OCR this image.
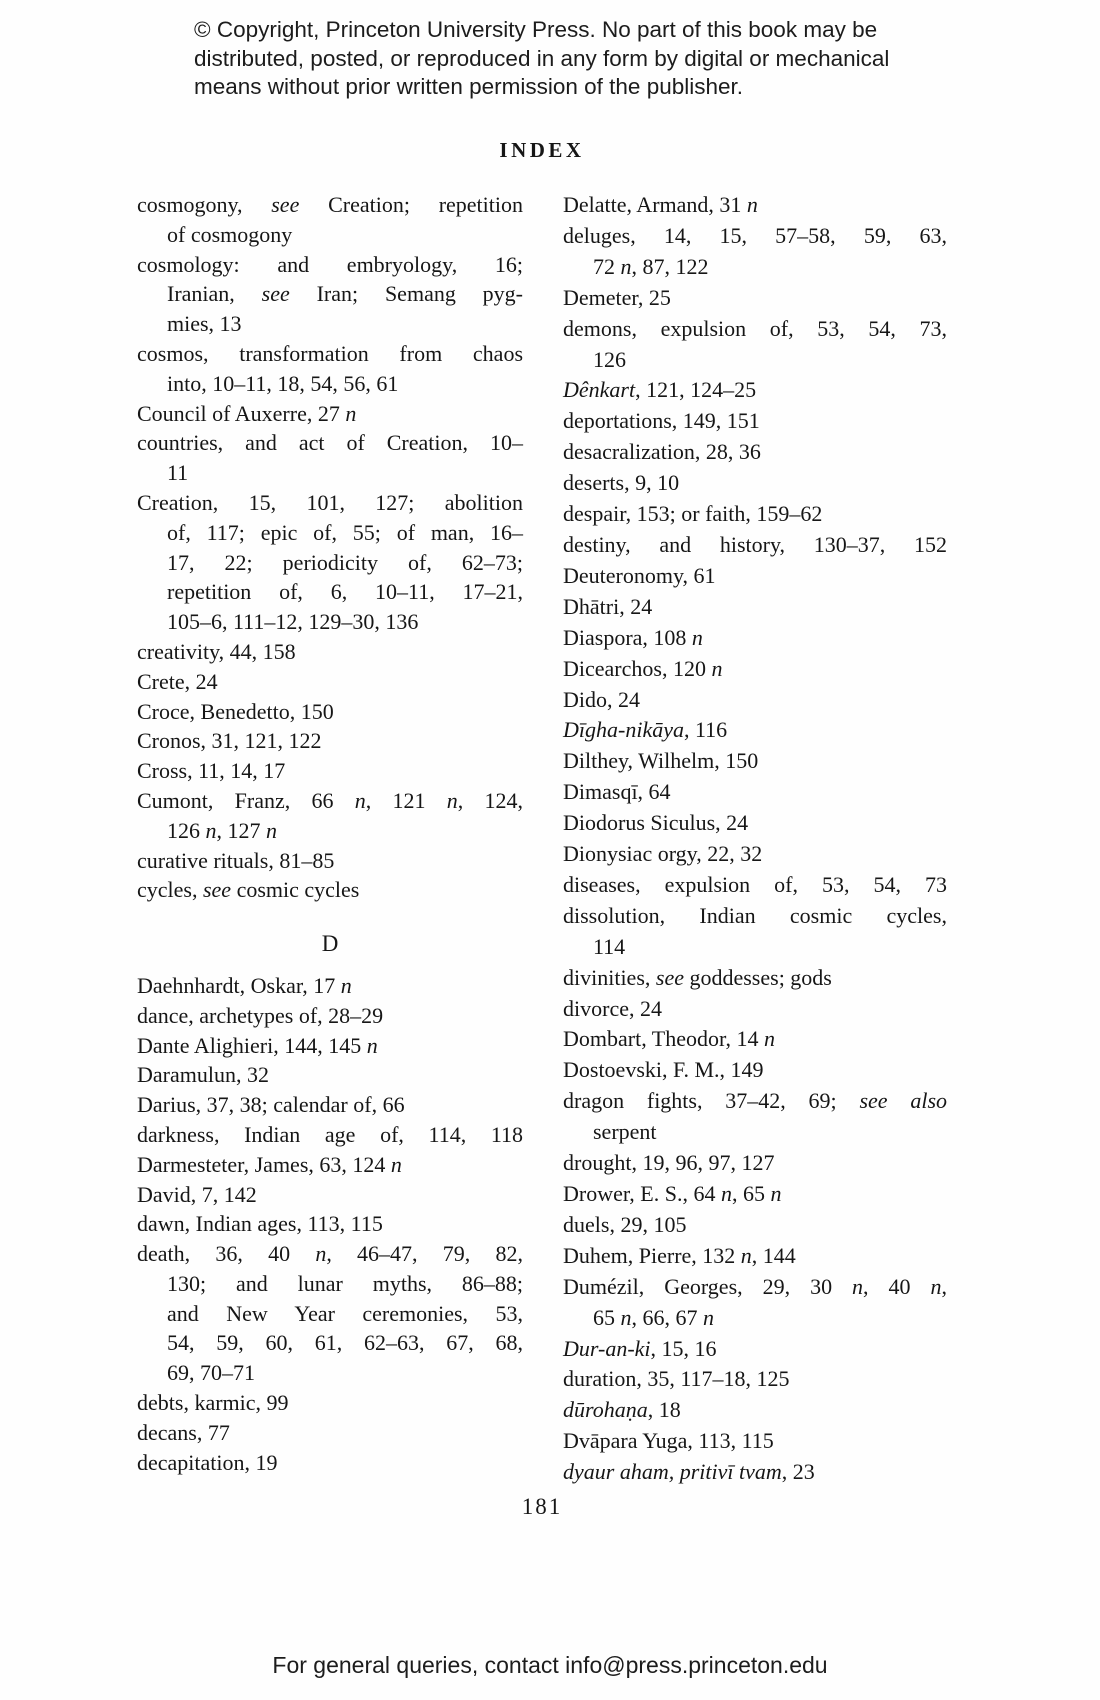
© Copyright, Princeton University Press. No part of this book may be
distributed, posted, or reproduced in any form by digital or mechanical
means without prior written permission of the publisher.
INDEX
cosmogony, see Creation; repetition
of cosmogony
cosmology: and embryology, 16;
Iranian, see Iran; Semang pyg-
mies, 13
cosmos, transformation from chaos
into, 10–11, 18, 54, 56, 61
Council of Auxerre, 27 n
countries, and act of Creation, 10–
11
Creation, 15, 101, 127; abolition
of, 117; epic of, 55; of man, 16–
17, 22; periodicity of, 62–73;
repetition of, 6, 10–11, 17–21,
105–6, 111–12, 129–30, 136
creativity, 44, 158
Crete, 24
Croce, Benedetto, 150
Cronos, 31, 121, 122
Cross, 11, 14, 17
Cumont, Franz, 66 n, 121 n, 124,
126 n, 127 n
curative rituals, 81–85
cycles, see cosmic cycles
D
Daehnhardt, Oskar, 17 n
dance, archetypes of, 28–29
Dante Alighieri, 144, 145 n
Daramulun, 32
Darius, 37, 38; calendar of, 66
darkness, Indian age of, 114, 118
Darmesteter, James, 63, 124 n
David, 7, 142
dawn, Indian ages, 113, 115
death, 36, 40 n, 46–47, 79, 82,
130; and lunar myths, 86–88;
and New Year ceremonies, 53,
54, 59, 60, 61, 62–63, 67, 68,
69, 70–71
debts, karmic, 99
decans, 77
decapitation, 19
Delatte, Armand, 31 n
deluges, 14, 15, 57–58, 59, 63,
72 n, 87, 122
Demeter, 25
demons, expulsion of, 53, 54, 73,
126
Dênkart, 121, 124–25
deportations, 149, 151
desacralization, 28, 36
deserts, 9, 10
despair, 153; or faith, 159–62
destiny, and history, 130–37, 152
Deuteronomy, 61
Dhātri, 24
Diaspora, 108 n
Dicearchos, 120 n
Dido, 24
Dīgha-nikāya, 116
Dilthey, Wilhelm, 150
Dimasqī, 64
Diodorus Siculus, 24
Dionysiac orgy, 22, 32
diseases, expulsion of, 53, 54, 73
dissolution, Indian cosmic cycles,
114
divinities, see goddesses; gods
divorce, 24
Dombart, Theodor, 14 n
Dostoevski, F. M., 149
dragon fights, 37–42, 69; see also
serpent
drought, 19, 96, 97, 127
Drower, E. S., 64 n, 65 n
duels, 29, 105
Duhem, Pierre, 132 n, 144
Dumézil, Georges, 29, 30 n, 40 n,
65 n, 66, 67 n
Dur-an-ki, 15, 16
duration, 35, 117–18, 125
dūrohaṇa, 18
Dvāpara Yuga, 113, 115
dyaur aham, pritivī tvam, 23
181
For general queries, contact info@press.princeton.edu
